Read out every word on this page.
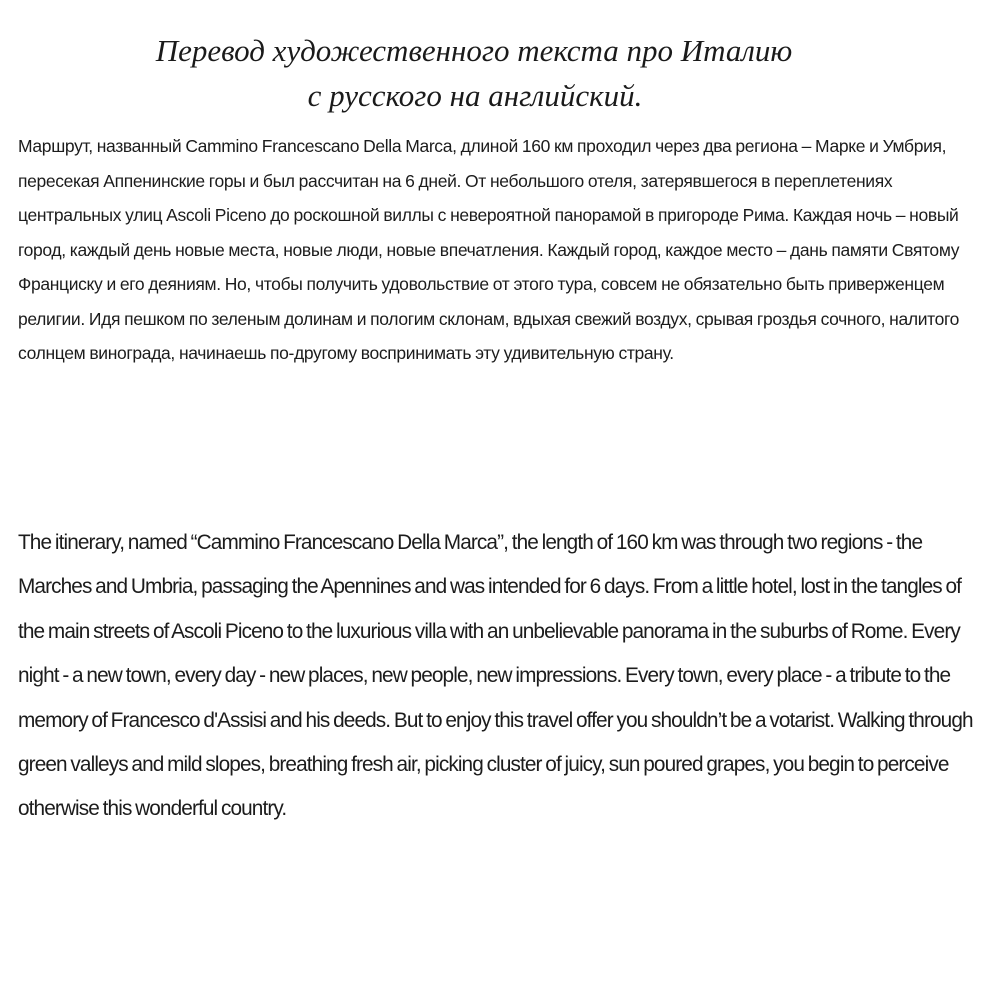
Перевод художественного текста про Италию
с русского на английский.

Маршрут, названный Cammino Francescano Della Marca, длиной 160 км проходил через два региона – Марке и Умбрия, пересекая Аппенинские горы и был рассчитан на 6 дней. От небольшого отеля, затерявшегося в переплетениях центральных улиц Ascoli Piceno до роскошной виллы с невероятной панорамой в пригороде Рима. Каждая ночь – новый город, каждый день новые места, новые люди, новые впечатления. Каждый город, каждое место – дань памяти Святому Франциску и его деяниям. Но, чтобы получить удовольствие от этого тура, совсем не обязательно быть приверженцем религии. Идя пешком по зеленым долинам и пологим склонам, вдыхая свежий воздух, срывая гроздья сочного, налитого солнцем винограда, начинаешь по-другому воспринимать эту удивительную страну.

The itinerary, named “Cammino Francescano Della Marca”, the length of 160 km was through two regions - the Marches and Umbria, passaging the Apennines and was intended for 6 days. From a little hotel, lost in the tangles of the main streets of Ascoli Piceno to the luxurious villa with an unbelievable panorama in the suburbs of Rome. Every night - a new town, every day - new places, new people, new impressions. Every town, every place - a tribute to the memory of Francesco d'Assisi and his deeds. But to enjoy this travel offer you shouldn’t be a votarist. Walking through green valleys and mild slopes, breathing fresh air, picking cluster of juicy, sun poured grapes, you begin to perceive otherwise this wonderful country.
